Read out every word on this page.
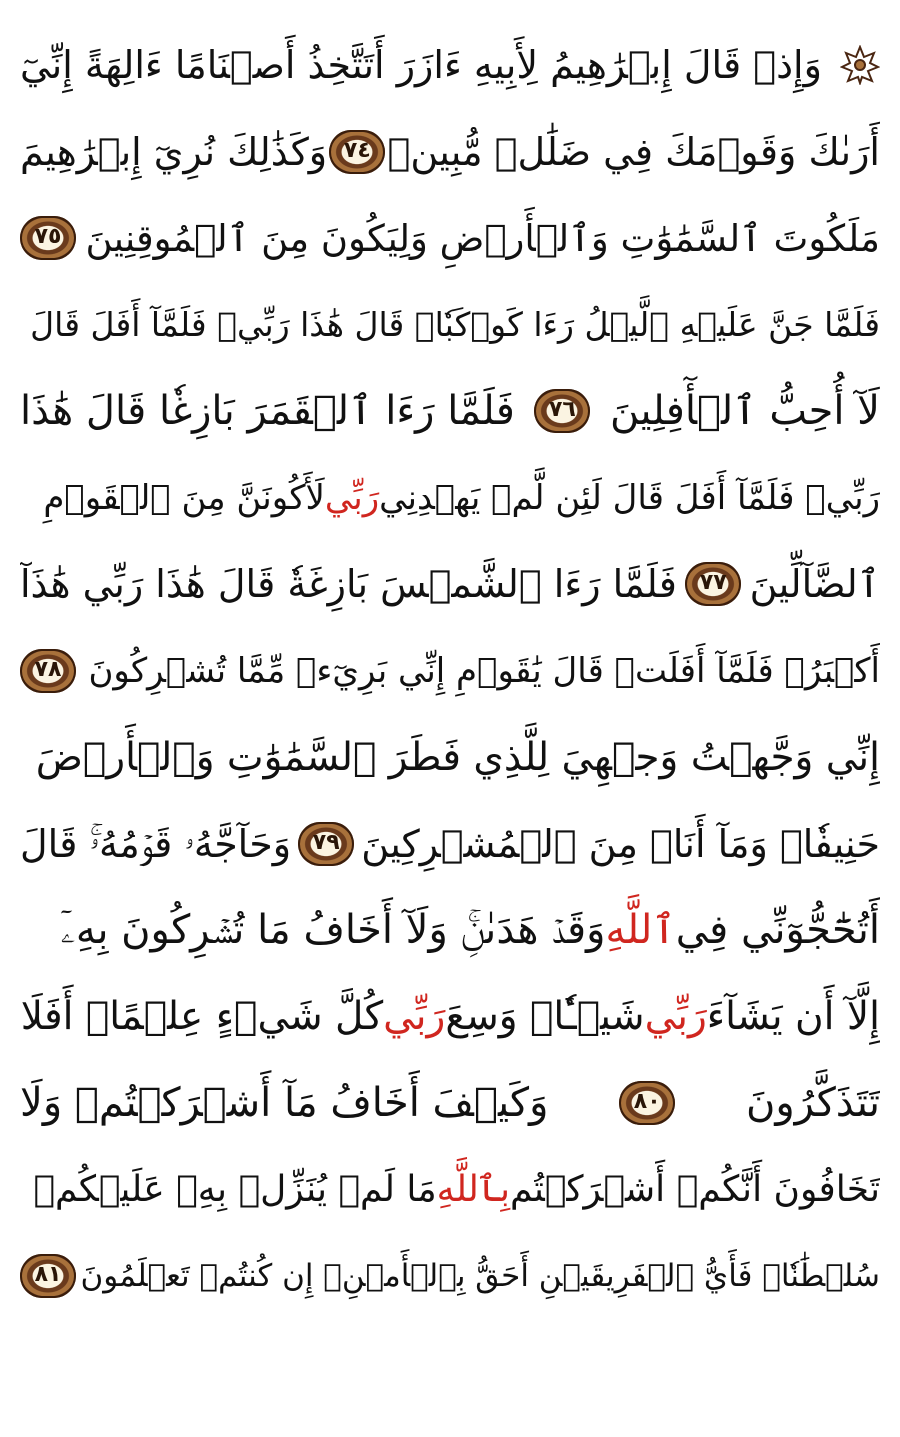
وَإِذۡ قَالَ إِبۡرَٰهِيمُ لِأَبِيهِ ءَازَرَ أَتَتَّخِذُ أَصۡنَامًا ءَالِهَةً إِنِّيٓ
أَرَىٰكَ وَقَوۡمَكَ فِي ضَلَٰلٖ مُّبِينٖ
٧٤
وَكَذَٰلِكَ نُرِيٓ إِبۡرَٰهِيمَ
مَلَكُوتَ ٱلسَّمَٰوَٰتِ وَٱلۡأَرۡضِ وَلِيَكُونَ مِنَ ٱلۡمُوقِنِينَ
٧٥
فَلَمَّا جَنَّ عَلَيۡهِ ٱلَّيۡلُ رَءَا كَوۡكَبٗاۖ قَالَ هَٰذَا رَبِّيۖ فَلَمَّآ أَفَلَ قَالَ
لَآ أُحِبُّ ٱلۡأٓفِلِينَ
٧٦
فَلَمَّا رَءَا ٱلۡقَمَرَ بَازِغٗا قَالَ هَٰذَا
رَبِّيۖ فَلَمَّآ أَفَلَ قَالَ لَئِن لَّمۡ يَهۡدِنِيرَبِّيلَأَكُونَنَّ مِنَ ٱلۡقَوۡمِ
ٱلضَّآلِّينَ
٧٧
فَلَمَّا رَءَا ٱلشَّمۡسَ بَازِغَةٗ قَالَ هَٰذَا رَبِّي هَٰذَآ
أَكۡبَرُۖ فَلَمَّآ أَفَلَتۡ قَالَ يَٰقَوۡمِ إِنِّي بَرِيٓءٞ مِّمَّا تُشۡرِكُونَ
٧٨
إِنِّي وَجَّهۡتُ وَجۡهِيَ لِلَّذِي فَطَرَ ٱلسَّمَٰوَٰتِ وَٱلۡأَرۡضَ
حَنِيفٗاۖ وَمَآ أَنَا۠ مِنَ ٱلۡمُشۡرِكِينَ
٧٩
وَحَآجَّهُۥ قَوۡمُهُۥۚ قَالَ
أَتُحَٰٓجُّوٓنِّي فِيٱللَّهِوَقَدۡ هَدَىٰنِۚ وَلَآ أَخَافُ مَا تُشۡرِكُونَ بِهِۦٓ
إِلَّآ أَن يَشَآءَرَبِّيشَيۡـٔٗاۖ وَسِعَرَبِّيكُلَّ شَيۡءٍ عِلۡمًاۖ أَفَلَا
تَتَذَكَّرُونَ
٨٠
وَكَيۡفَ أَخَافُ مَآ أَشۡرَكۡتُمۡ وَلَا
تَخَافُونَ أَنَّكُمۡ أَشۡرَكۡتُمبِٱللَّهِمَا لَمۡ يُنَزِّلۡ بِهِۦ عَلَيۡكُمۡ
سُلۡطَٰنٗاۚ فَأَيُّ ٱلۡفَرِيقَيۡنِ أَحَقُّ بِٱلۡأَمۡنِۖ إِن كُنتُمۡ تَعۡلَمُونَ
٨١
